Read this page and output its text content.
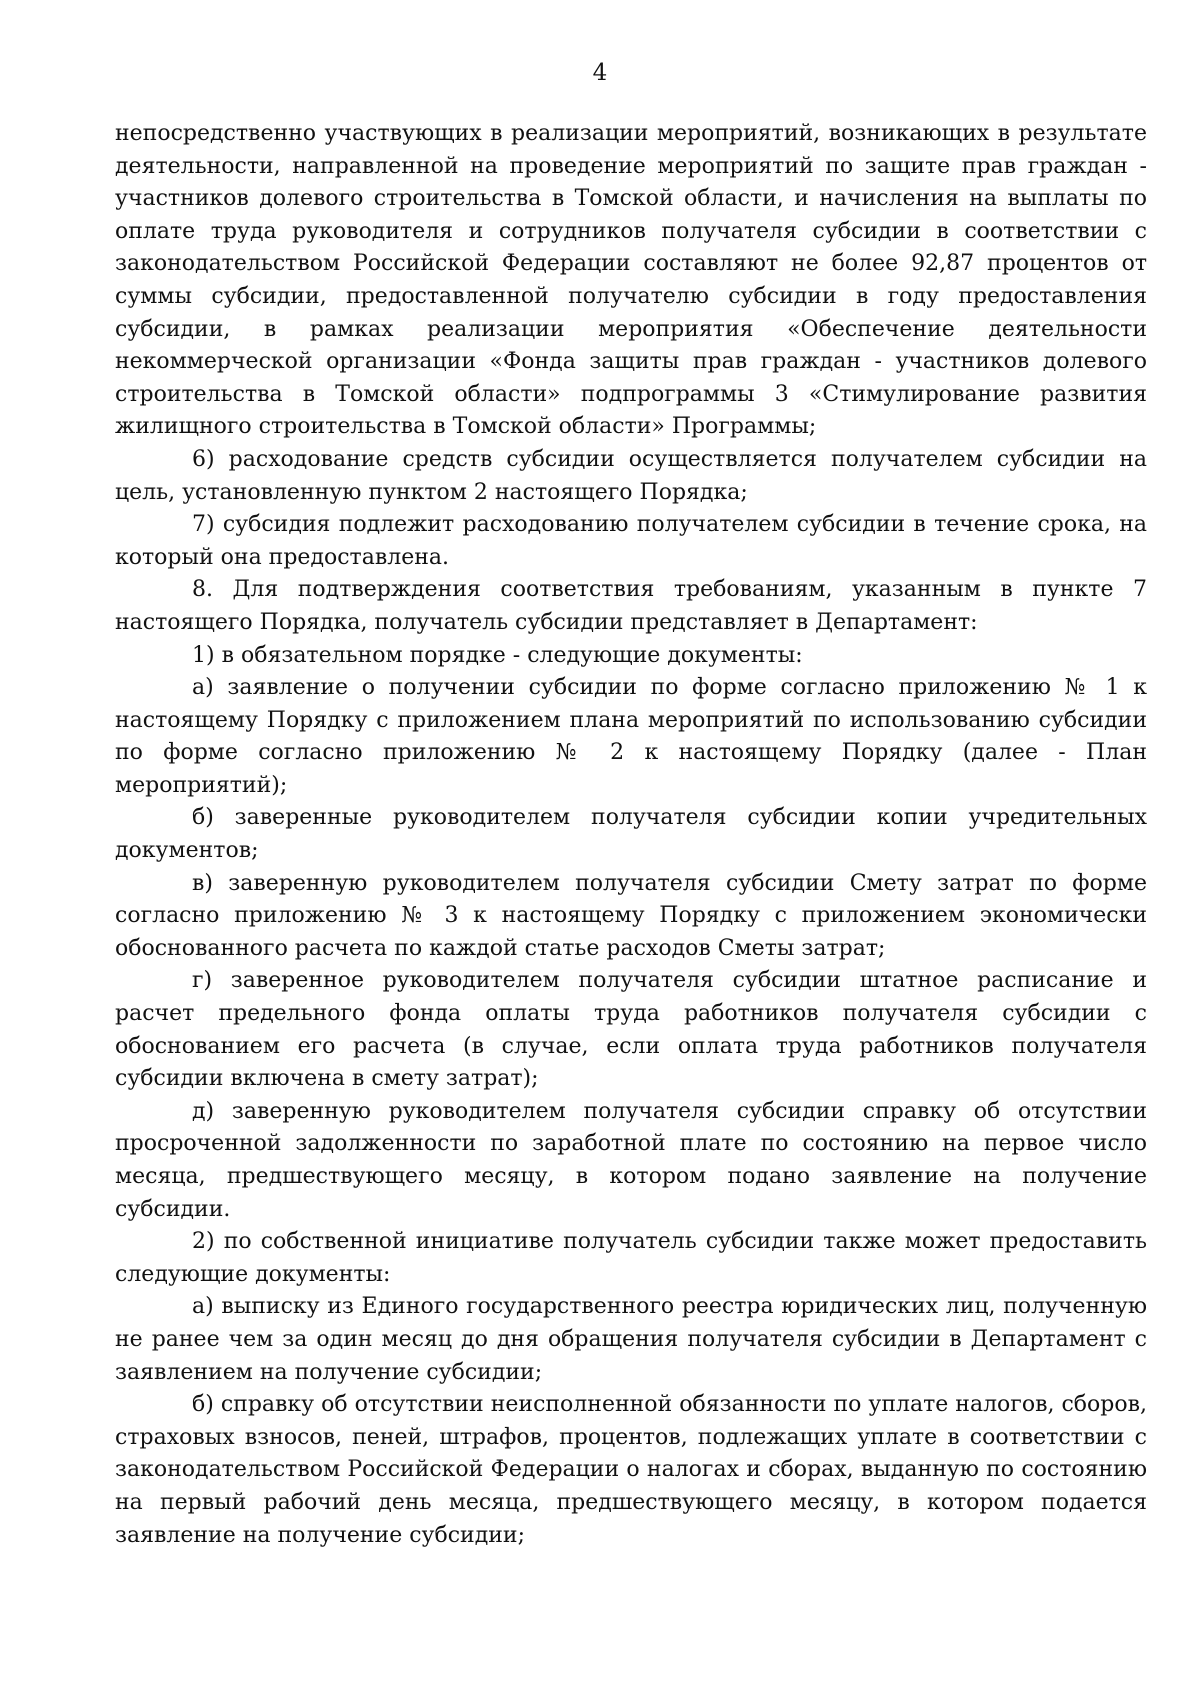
4

непосредственно участвующих в реализации мероприятий, возникающих в результате деятельности, направленной на проведение мероприятий по защите прав граждан - участников долевого строительства в Томской области, и начисления на выплаты по оплате труда руководителя и сотрудников получателя субсидии в соответствии с законодательством Российской Федерации составляют не более 92,87 процентов от суммы субсидии, предоставленной получателю субсидии в году предоставления субсидии, в рамках реализации мероприятия «Обеспечение деятельности некоммерческой организации «Фонда защиты прав граждан - участников долевого строительства в Томской области» подпрограммы 3 «Стимулирование развития жилищного строительства в Томской области» Программы;

6) расходование средств субсидии осуществляется получателем субсидии на цель, установленную пунктом 2 настоящего Порядка;

7) субсидия подлежит расходованию получателем субсидии в течение срока, на который она предоставлена.

8. Для подтверждения соответствия требованиям, указанным в пункте 7 настоящего Порядка, получатель субсидии представляет в Департамент:

1) в обязательном порядке - следующие документы:

а) заявление о получении субсидии по форме согласно приложению № 1 к настоящему Порядку с приложением плана мероприятий по использованию субсидии по форме согласно приложению № 2 к настоящему Порядку (далее - План мероприятий);

б) заверенные руководителем получателя субсидии копии учредительных документов;

в) заверенную руководителем получателя субсидии Смету затрат по форме согласно приложению № 3 к настоящему Порядку с приложением экономически обоснованного расчета по каждой статье расходов Сметы затрат;

г) заверенное руководителем получателя субсидии штатное расписание и расчет предельного фонда оплаты труда работников получателя субсидии с обоснованием его расчета (в случае, если оплата труда работников получателя субсидии включена в смету затрат);

д) заверенную руководителем получателя субсидии справку об отсутствии просроченной задолженности по заработной плате по состоянию на первое число месяца, предшествующего месяцу, в котором подано заявление на получение субсидии.

2) по собственной инициативе получатель субсидии также может предоставить следующие документы:

а) выписку из Единого государственного реестра юридических лиц, полученную не ранее чем за один месяц до дня обращения получателя субсидии в Департамент с заявлением на получение субсидии;

б) справку об отсутствии неисполненной обязанности по уплате налогов, сборов, страховых взносов, пеней, штрафов, процентов, подлежащих уплате в соответствии с законодательством Российской Федерации о налогах и сборах, выданную по состоянию на первый рабочий день месяца, предшествующего месяцу, в котором подается заявление на получение субсидии;
